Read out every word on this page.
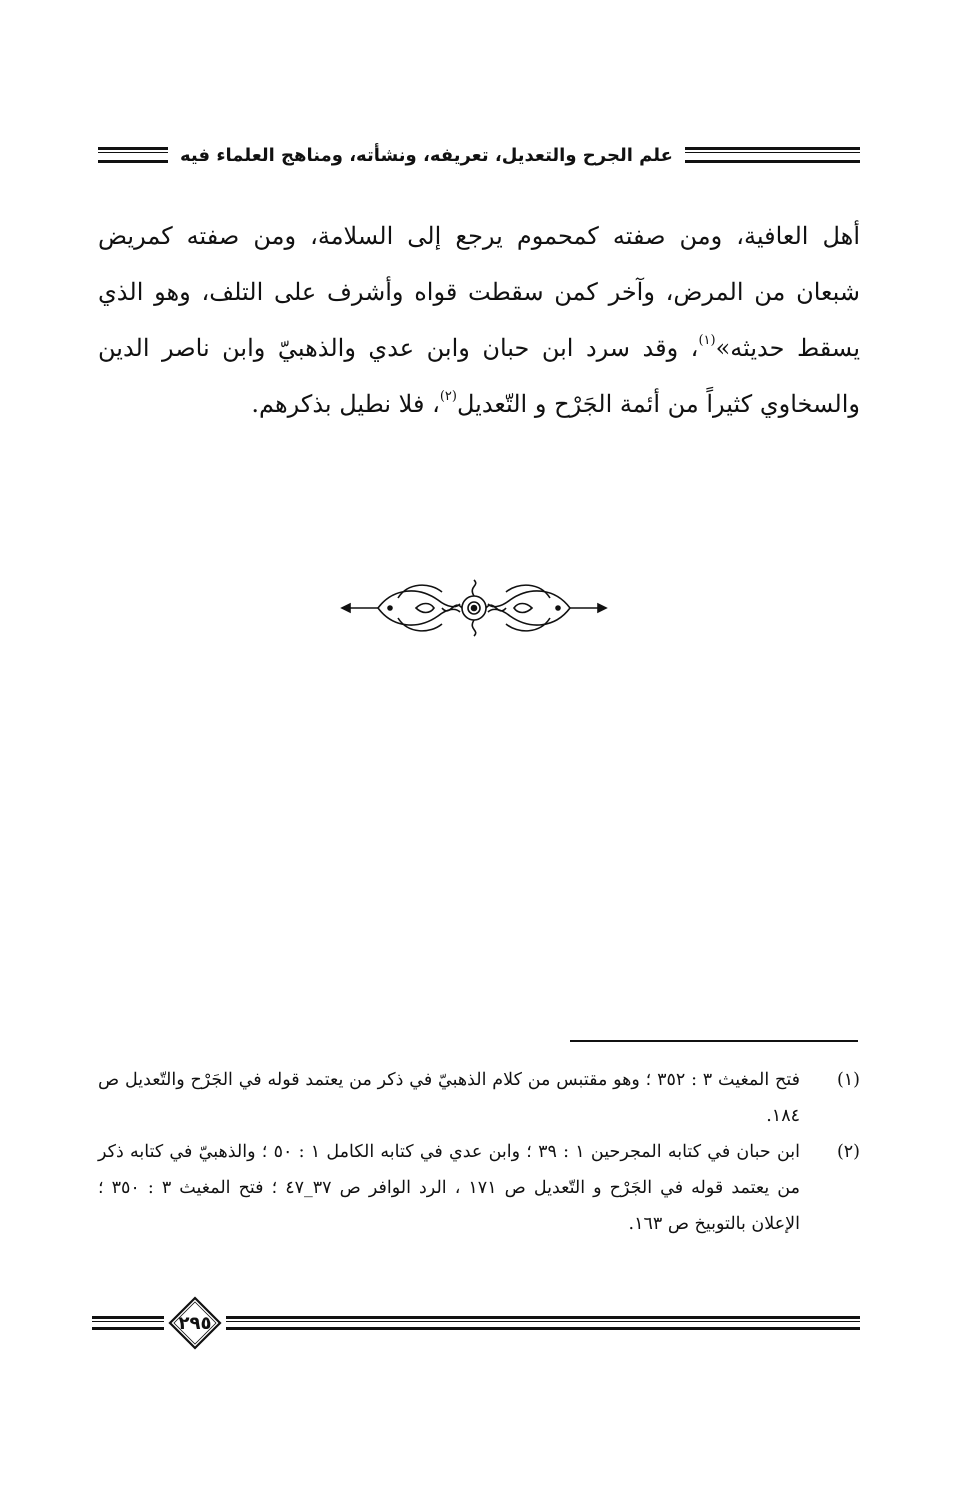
علم الجرح والتعديل، تعريفه، ونشأته، ومناهج العلماء فيه
أهل العافية، ومن صفته كمحموم يرجع إلى السلامة، ومن صفته كمريض شبعان من المرض، وآخر كمن سقطت قواه وأشرف على التلف، وهو الذي يسقط حديثه»$^{(١)}$، وقد سرد ابن حبان وابن عدي والذهبيّ وابن ناصر الدين والسخاوي كثيراً من أئمة الجَرْح و التّعديل$^{(٢)}$، فلا نطيل بذكرهم.
(١)
فتح المغيث ٣ : ٣٥٢ ؛ وهو مقتبس من كلام الذهبيّ في ذكر من يعتمد قوله في الجَرْح والتّعديل ص ١٨٤.
(٢)
ابن حبان في كتابه المجرحين ١ : ٣٩ ؛ وابن عدي في كتابه الكامل ١ : ٥٠ ؛ والذهبيّ في كتابه ذكر من يعتمد قوله في الجَرْح و التّعديل ص ١٧١ ، الرد الوافر ص ٣٧_٤٧ ؛ فتح المغيث ٣ : ٣٥٠ ؛ الإعلان بالتوبيخ ص ١٦٣.
٢٩٥
